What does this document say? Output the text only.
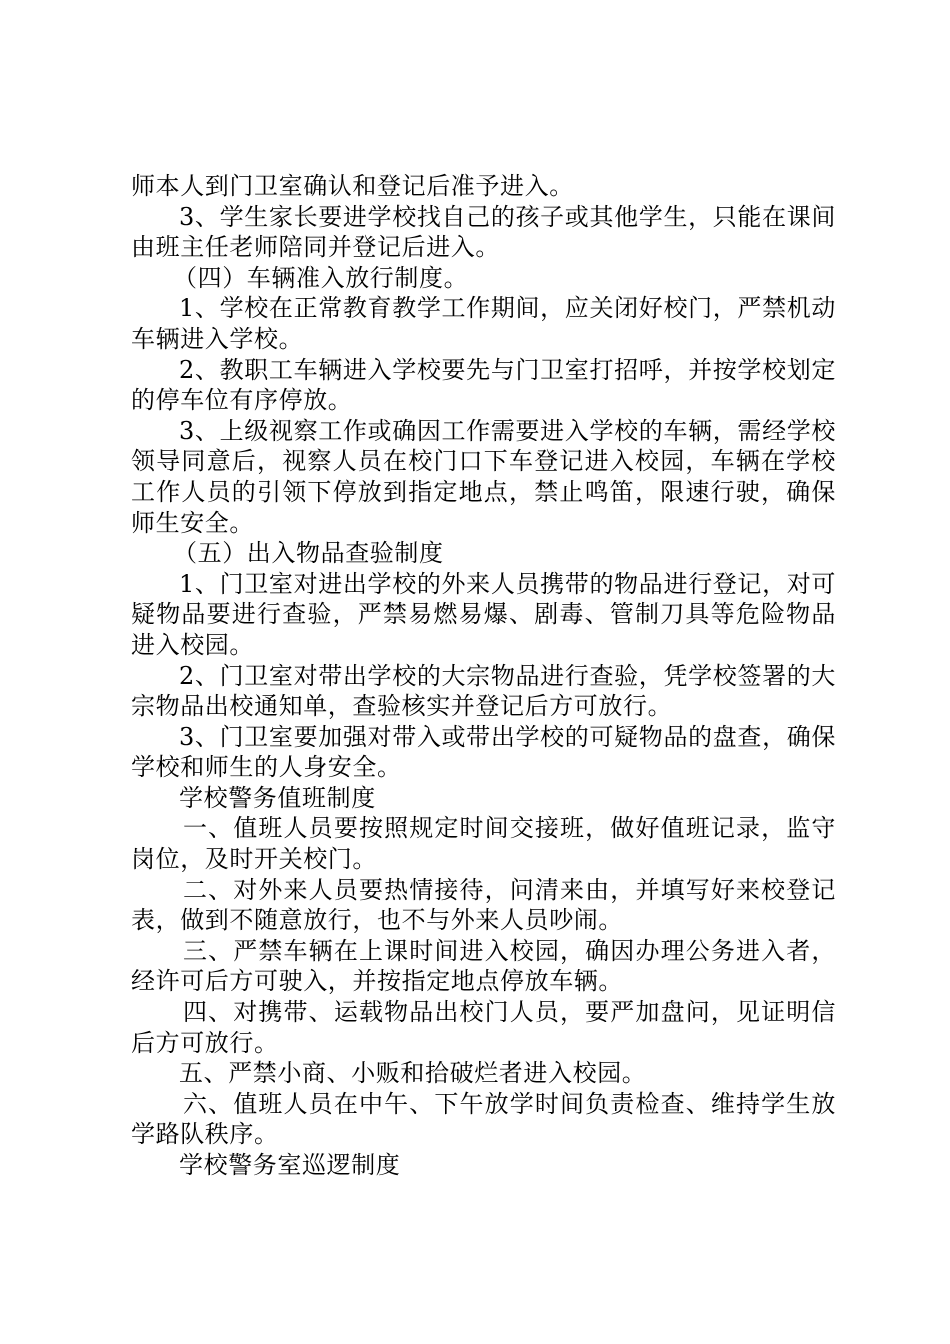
师本人到门卫室确认和登记后准予进入。

3、学生家长要进学校找自己的孩子或其他学生，只能在课间由班主任老师陪同并登记后进入。

（四）车辆准入放行制度。

1、学校在正常教育教学工作期间，应关闭好校门，严禁机动车辆进入学校。

2、教职工车辆进入学校要先与门卫室打招呼，并按学校划定的停车位有序停放。

3、上级视察工作或确因工作需要进入学校的车辆，需经学校领导同意后，视察人员在校门口下车登记进入校园，车辆在学校工作人员的引领下停放到指定地点，禁止鸣笛，限速行驶，确保师生安全。

（五）出入物品查验制度

1、门卫室对进出学校的外来人员携带的物品进行登记，对可疑物品要进行查验，严禁易燃易爆、剧毒、管制刀具等危险物品进入校园。

2、门卫室对带出学校的大宗物品进行查验，凭学校签署的大宗物品出校通知单，查验核实并登记后方可放行。

3、门卫室要加强对带入或带出学校的可疑物品的盘查，确保学校和师生的人身安全。

学校警务值班制度

一、值班人员要按照规定时间交接班，做好值班记录，监守岗位，及时开关校门。

二、对外来人员要热情接待，问清来由，并填写好来校登记表，做到不随意放行，也不与外来人员吵闹。

三、严禁车辆在上课时间进入校园，确因办理公务进入者，经许可后方可驶入，并按指定地点停放车辆。

四、对携带、运载物品出校门人员，要严加盘问，见证明信后方可放行。

五、严禁小商、小贩和拾破烂者进入校园。

六、值班人员在中午、下午放学时间负责检查、维持学生放学路队秩序。

学校警务室巡逻制度
